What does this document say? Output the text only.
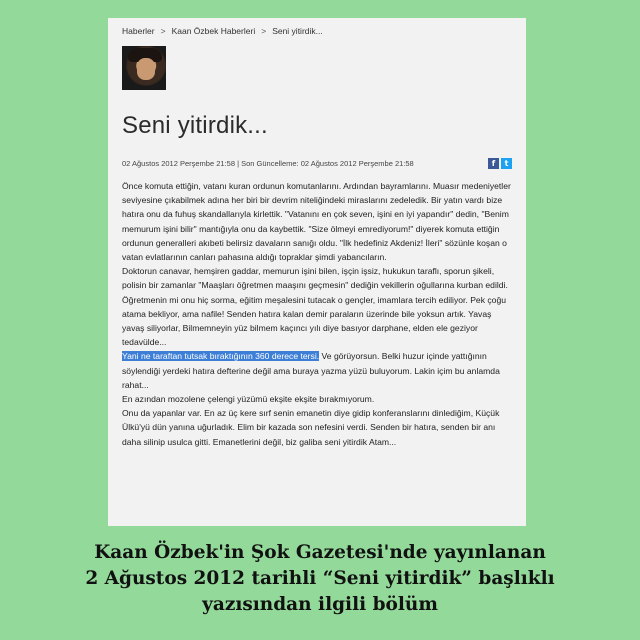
Haberler > Kaan Özbek Haberleri > Seni yitirdik...
Seni yitirdik...
02 Ağustos 2012 Perşembe 21:58 | Son Güncelleme: 02 Ağustos 2012 Perşembe 21:58	f	t

Önce komuta ettiğin, vatanı kuran ordunun komutanlarını. Ardından bayramlarını. Muasır medeniyetler seviyesine çıkabilmek adına her biri bir devrim niteliğindeki miraslarını zedeledik. Bir yatın vardı bize hatıra onu da fuhuş skandallarıyla kirlettik. "Vatanını en çok seven, işini en iyi yapandır" dedin, "Benim memurum işini bilir" mantığıyla onu da kaybettik. "Size ölmeyi emrediyorum!" diyerek komuta ettiğin ordunun generalleri akıbeti belirsiz davaların sanığı oldu. "İlk hedefiniz Akdeniz! İleri" sözünle koşan o vatan evlatlarının canları pahasına aldığı topraklar şimdi yabancıların.

Doktorun canavar, hemşiren gaddar, memurun işini bilen, işçin işsiz, hukukun taraflı, sporun şikeli, polisin bir zamanlar "Maaşları öğretmen maaşını geçmesin" dediğin vekillerin oğullarına kurban edildi. Öğretmenin mi onu hiç sorma, eğitim meşalesini tutacak o gençler, imamlara tercih ediliyor. Pek çoğu atama bekliyor, ama nafile! Senden hatıra kalan demir paraların üzerinde bile yoksun artık. Yavaş yavaş siliyorlar, Bilmemneyin yüz bilmem kaçıncı yılı diye basıyor darphane, elden ele geziyor tedavülde...

Yani ne taraftan tutsak bıraktığının 360 derece tersi. Ve görüyorsun. Belki huzur içinde yattığının söylendiği yerdeki hatıra defterine değil ama buraya yazma yüzü buluyorum. Lakin içim bu anlamda rahat...

En azından mozolene çelengi yüzümü ekşite ekşite bırakmıyorum.

Onu da yapanlar var. En az üç kere sırf senin emanetin diye gidip konferanslarını dinlediğim, Küçük Ülkü'yü dün yanına uğurladık. Elim bir kazada son nefesini verdi. Senden bir hatıra, senden bir anı daha silinip usulca gitti. Emanetlerini değil, biz galiba seni yitirdik Atam...

Kaan Özbek'in Şok Gazetesi'nde yayınlanan
2 Ağustos 2012 tarihli “Seni yitirdik” başlıklı
yazısından ilgili bölüm
